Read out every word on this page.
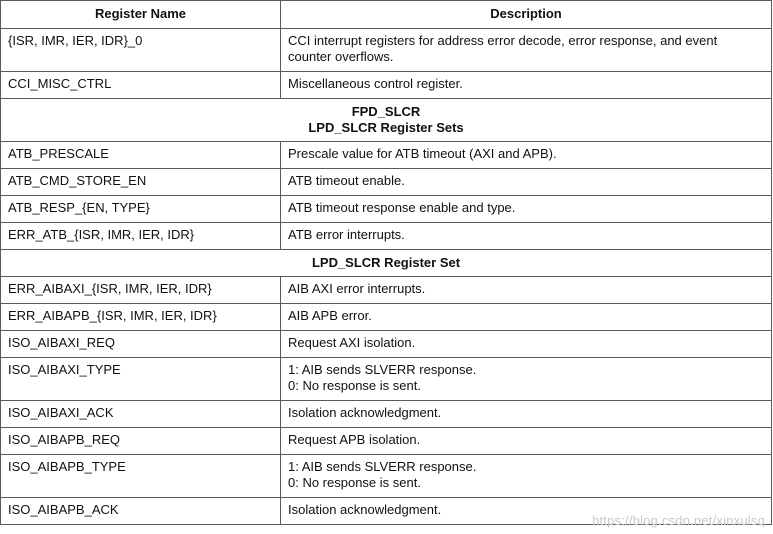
Register Name	Description
{ISR, IMR, IER, IDR}_0	CCI interrupt registers for address error decode, error response, and event counter overflows.

CCI_MISC_CTRL	Miscellaneous control register.

FPD_SLCR
LPD_SLCR Register Sets	

ATB_PRESCALE	Prescale value for ATB timeout (AXI and APB).

ATB_CMD_STORE_EN	ATB timeout enable.

ATB_RESP_{EN, TYPE}	ATB timeout response enable and type.

ERR_ATB_{ISR, IMR, IER, IDR}	ATB error interrupts.

LPD_SLCR Register Set	

ERR_AIBAXI_{ISR, IMR, IER, IDR}	AIB AXI error interrupts.

ERR_AIBAPB_{ISR, IMR, IER, IDR}	AIB APB error.

ISO_AIBAXI_REQ	Request AXI isolation.

ISO_AIBAXI_TYPE	1: AIB sends SLVERR response.
0: No response is sent.

ISO_AIBAXI_ACK	Isolation acknowledgment.

ISO_AIBAPB_REQ	Request APB isolation.

ISO_AIBAPB_TYPE	1: AIB sends SLVERR response.
0: No response is sent.

ISO_AIBAPB_ACK	Isolation acknowledgment.
https://blog.csdn.net/xinxulsq
